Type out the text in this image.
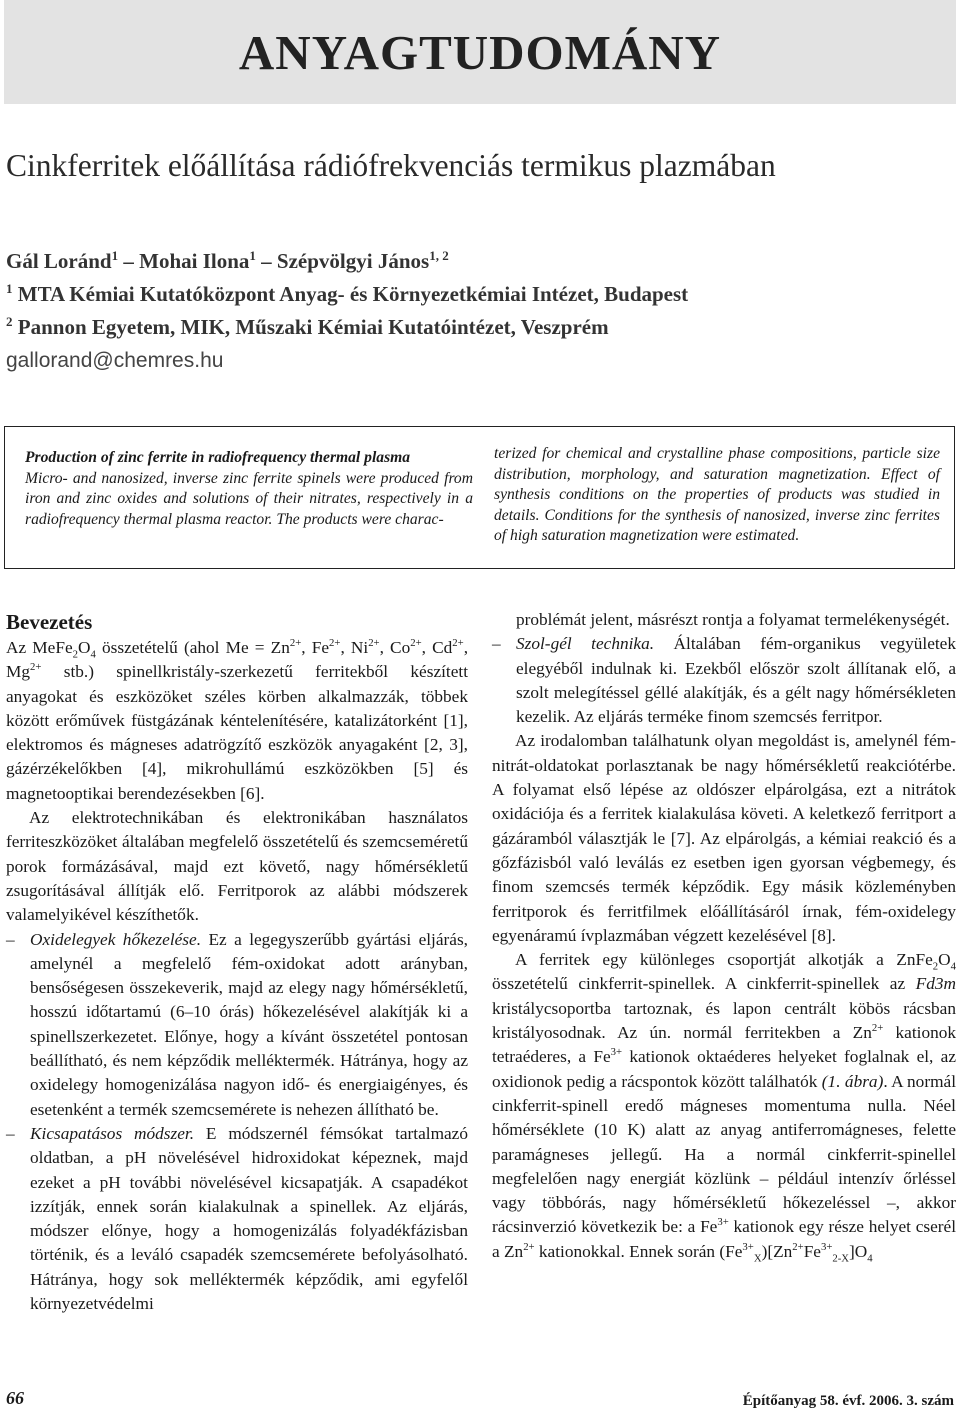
ANYAGTUDOMÁNY
Cinkferritek előállítása rádiófrekvenciás termikus plazmában
Gál Loránd$^1$ – Mohai Ilona$^1$ – Szépvölgyi János$^{1, 2}$
$^1$ MTA Kémiai Kutatóközpont Anyag- és Környezetkémiai Intézet, Budapest
$^2$ Pannon Egyetem, MIK, Műszaki Kémiai Kutatóintézet, Veszprém
gallorand@chemres.hu

Production of zinc ferrite in radiofrequency thermal plasma

Micro- and nanosized, inverse zinc ferrite spinels were produced from iron and zinc oxides and solutions of their nitrates, respectively in a radiofrequency thermal plasma reactor. The products were charac-

terized for chemical and crystalline phase compositions, particle size distribution, morphology, and saturation magnetization. Effect of synthesis conditions on the properties of products was studied in details. Conditions for the synthesis of nanosized, inverse zinc ferrites of high saturation magnetization were estimated.

Bevezetés

Az $MeFe_2O_4$ összetételű (ahol $Me = Zn^{2+}$, $Fe^{2+}$, $Ni^{2+}$, $Co^{2+}$, $Cd^{2+}$, $Mg^{2+}$ stb.) spinellkristály-szerkezetű ferritekből készített anyagokat és eszközöket széles körben alkalmazzák, többek között erőművek füstgázának kéntelenítésére, katalizátorként [1], elektromos és mágneses adatrögzítő eszközök anyagaként [2, 3], gázérzékelőkben [4], mikrohullámú eszközökben [5] és magnetooptikai berendezésekben [6].

Az elektrotechnikában és elektronikában használatos ferriteszközöket általában megfelelő összetételű és szemcseméretű porok formázásával, majd ezt követő, nagy hőmérsékletű zsugorításával állítják elő. Ferritporok az alábbi módszerek valamelyikével készíthetők.

– Oxidelegyek hőkezelése. Ez a legegyszerűbb gyártási eljárás, amelynél a megfelelő fém-oxidokat adott arányban, bensőségesen összekeverik, majd az elegy nagy hőmérsékletű, hosszú időtartamú (6–10 órás) hőkezelésével alakítják ki a spinellszerkezetet. Előnye, hogy a kívánt összetétel pontosan beállítható, és nem képződik melléktermék. Hátránya, hogy az oxidelegy homogenizálása nagyon idő- és energiaigényes, és esetenként a termék szemcsemérete is nehezen állítható be.

– Kicsapatásos módszer. E módszernél fémsókat tartalmazó oldatban, a pH növelésével hidroxidokat képeznek, majd ezeket a pH további növelésével kicsapatják. A csapadékot izzítják, ennek során kialakulnak a spinellek. Az eljárás, módszer előnye, hogy a homogenizálás folyadékfázisban történik, és a leváló csapadék szemcsemérete befolyásolható. Hátránya, hogy sok melléktermék képződik, ami egyfelől környezetvédelmi

problémát jelent, másrészt rontja a folyamat termelékenységét.

– Szol-gél technika. Általában fém-organikus vegyületek elegyéből indulnak ki. Ezekből először szolt állítanak elő, a szolt melegítéssel géllé alakítják, és a gélt nagy hőmérsékleten kezelik. Az eljárás terméke finom szemcsés ferritpor.

Az irodalomban találhatunk olyan megoldást is, amelynél fém-nitrát-oldatokat porlasztanak be nagy hőmérsékletű reakciótérbe. A folyamat első lépése az oldószer elpárolgása, ezt a nitrátok oxidációja és a ferritek kialakulása követi. A keletkező ferritport a gázáramból választják le [7]. Az elpárolgás, a kémiai reakció és a gőzfázisból való leválás ez esetben igen gyorsan végbemegy, és finom szemcsés termék képződik. Egy másik közleményben ferritporok és ferritfilmek előállításáról írnak, fém-oxidelegy egyenáramú ívplazmában végzett kezelésével [8].

A ferritek egy különleges csoportját alkotják a $ZnFe_2O_4$ összetételű cinkferrit-spinellek. A cinkferrit-spinellek az Fd3m kristálycsoportba tartoznak, és lapon centrált köbös rácsban kristályosodnak. Az ún. normál ferritekben a $Zn^{2+}$ kationok tetraéderes, a $Fe^{3+}$ kationok oktaéderes helyeket foglalnak el, az oxidionok pedig a rácspontok között találhatók (1. ábra). A normál cinkferrit-spinell eredő mágneses momentuma nulla. Néel hőmérséklete (10 K) alatt az anyag antiferromágneses, felette paramágneses jellegű. Ha a normál cinkferrit-spinellel megfelelően nagy energiát közlünk – például intenzív őrléssel vagy többórás, nagy hőmérsékletű hőkezeléssel –, akkor rácsinverzió következik be: a $Fe^{3+}$ kationok egy része helyet cserél a $Zn^{2+}$ kationokkal. Ennek során $(Fe^{3+}_X)[Zn^{2+}Fe^{3+}_{2-X}]O_4$

66	Építőanyag 58. évf. 2006. 3. szám
